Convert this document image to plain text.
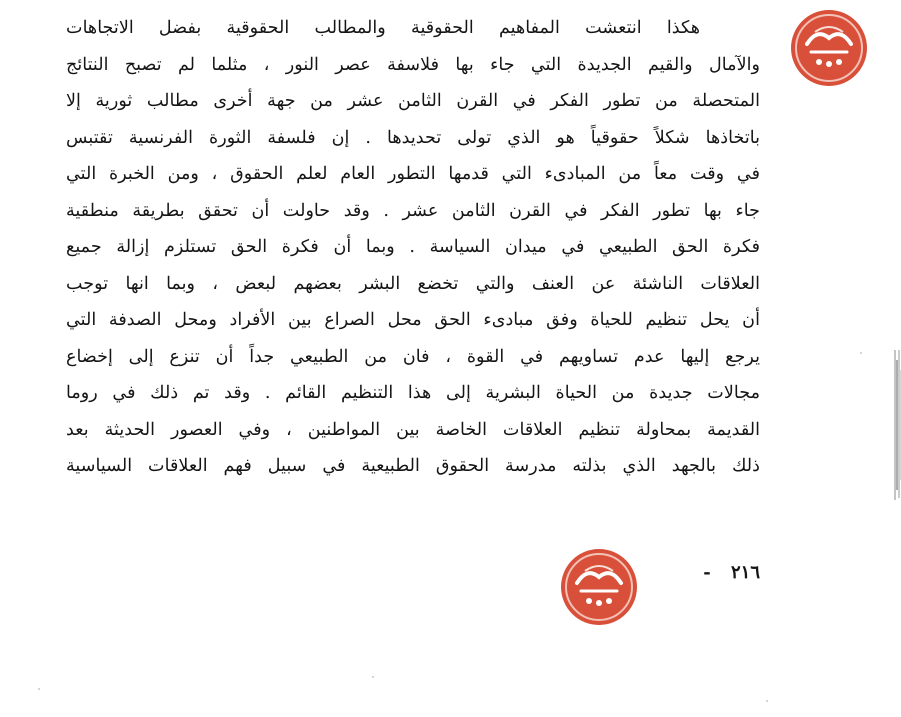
هكذا انتعشت المفاهيم الحقوقية والمطالب الحقوقية بفضل الاتجاهات
والآمال والقيم الجديدة التي جاء بها فلاسفة عصر النور ، مثلما لم تصبح النتائج
المتحصلة من تطور الفكر في القرن الثامن عشر من جهة أخرى مطالب ثورية إلا
باتخاذها شكلاً حقوقياً هو الذي تولى تحديدها . إن فلسفة الثورة الفرنسية تقتبس
في وقت معاً من المبادىء التي قدمها التطور العام لعلم الحقوق ، ومن الخبرة التي
جاء بها تطور الفكر في القرن الثامن عشر . وقد حاولت أن تحقق بطريقة منطقية
فكرة الحق الطبيعي في ميدان السياسة . وبما أن فكرة الحق تستلزم إزالة جميع
العلاقات الناشئة عن العنف والتي تخضع البشر بعضهم لبعض ، وبما انها توجب
أن يحل تنظيم للحياة وفق مبادىء الحق محل الصراع بين الأفراد ومحل الصدفة التي
يرجع إليها عدم تساويهم في القوة ، فان من الطبيعي جداً أن تنزع إلى إخضاع
مجالات جديدة من الحياة البشرية إلى هذا التنظيم القائم . وقد تم ذلك في روما
القديمة بمحاولة تنظيم العلاقات الخاصة بين المواطنين ، وفي العصور الحديثة بعد
ذلك بالجهد الذي بذلته مدرسة الحقوق الطبيعية في سبيل فهم العلاقات السياسية
٢١٦ -
